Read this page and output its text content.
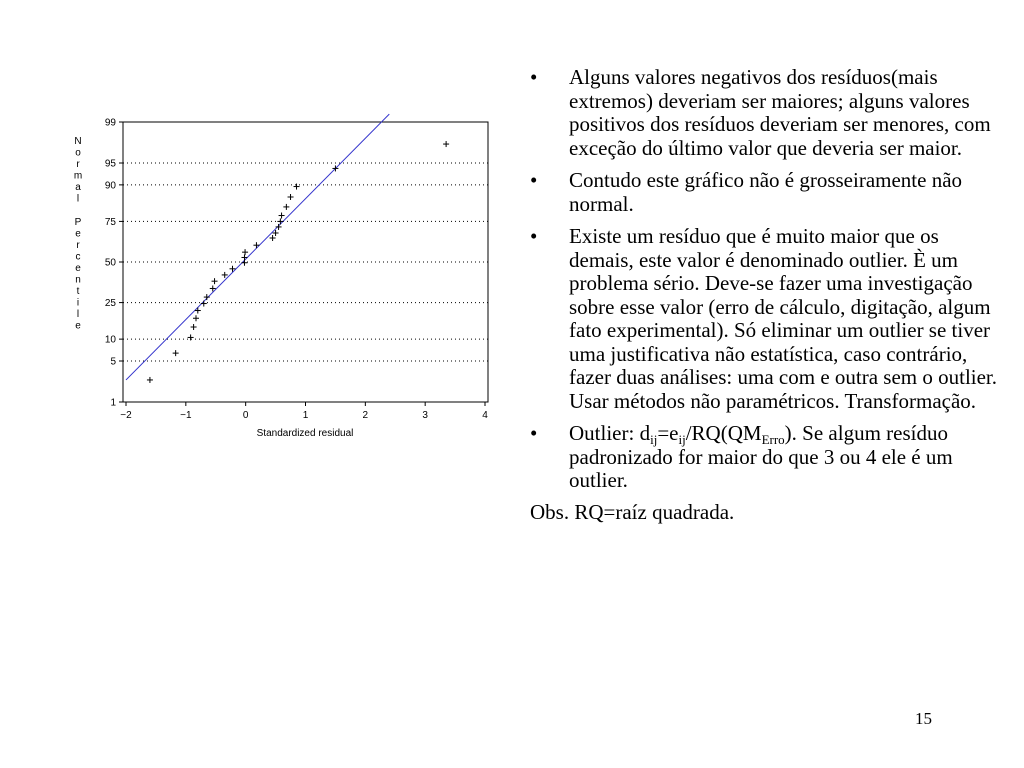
1
5
10
25
50
75
90
95
99
−2	−1	0	1	2	3	4
N
o
r
m
a
l
P
e
r
c
e
n
t
i
l
e
Standardized residual
• Alguns valores negativos dos resíduos(mais extremos) deveriam ser maiores; alguns valores positivos dos resíduos deveriam ser menores, com exceção do último valor que deveria ser maior.
• Contudo este gráfico não é grosseiramente não normal.
• Existe um resíduo que é muito maior que os demais, este valor é denominado outlier. È um problema sério. Deve-se fazer uma investigação sobre esse valor (erro de cálculo, digitação, algum fato experimental). Só eliminar um outlier se tiver uma justificativa não estatística, caso contrário, fazer duas análises: uma com e outra sem o outlier. Usar métodos não paramétricos. Transformação.
• Outlier: $d_{ij}=e_{ij}/RQ(QM_{Erro})$. Se algum resíduo padronizado for maior do que 3 ou 4 ele é um outlier.
Obs. RQ=raíz quadrada.
15
